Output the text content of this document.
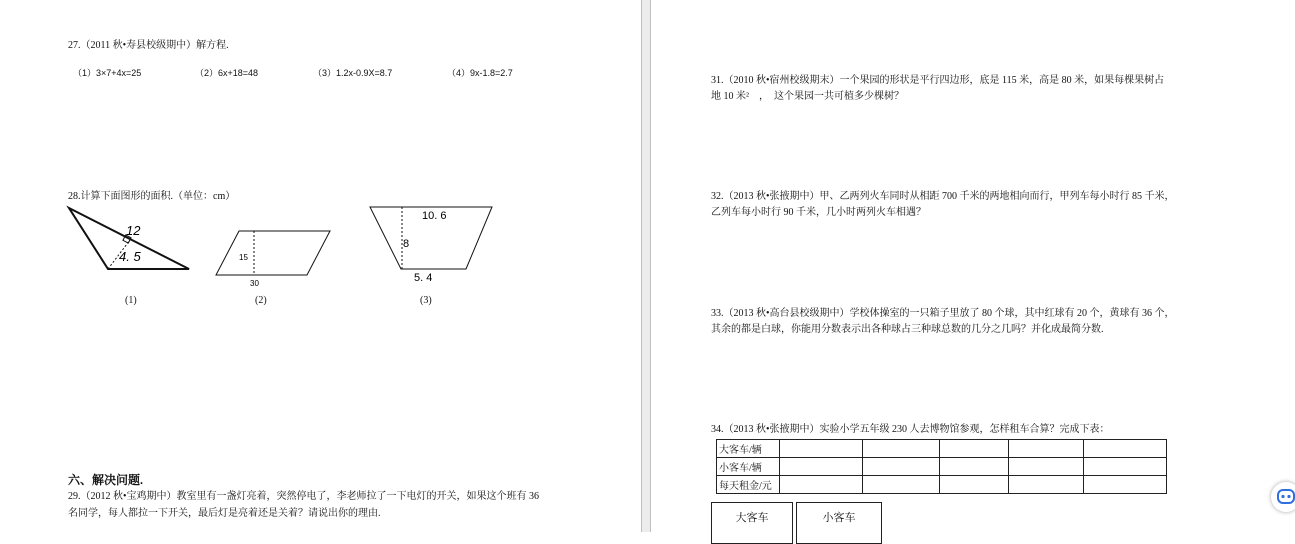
27.（2011 秋•寿县校级期中）解方程.
（1）3×7+4x=25	（2）6x+18=48	（3）1.2x-0.9X=8.7	（4）9x-1.8=2.7
28.计算下面图形的面积.（单位：cm）
12
4. 5
(1)
15
30
(2)
10. 6
8
5. 4
(3)
六、解决问题.
29.（2012 秋•宝鸡期中）教室里有一盏灯亮着，突然停电了，李老师拉了一下电灯的开关，如果这个班有 36
名同学，每人都拉一下开关，最后灯是亮着还是关着？请说出你的理由.
31.（2010 秋•宿州校级期末）一个果园的形状是平行四边形，底是 115 米，高是 80 米，如果每棵果树占
地 10 米²　，　这个果园一共可植多少棵树？
32.（2013 秋•张掖期中）甲、乙两列火车同时从相距 700 千米的两地相向而行，甲列车每小时行 85 千米，
乙列车每小时行 90 千米，几小时两列火车相遇？
33.（2013 秋•高台县校级期中）学校体操室的一只箱子里放了 80 个球，其中红球有 20 个，黄球有 36 个，
其余的都是白球，你能用分数表示出各种球占三种球总数的几分之几吗？并化成最简分数.
34.（2013 秋•张掖期中）实验小学五年级 230 人去博物馆参观，怎样租车合算？完成下表：
大客车/辆					
小客车/辆					
每天租金/元					
大客车	小客车
